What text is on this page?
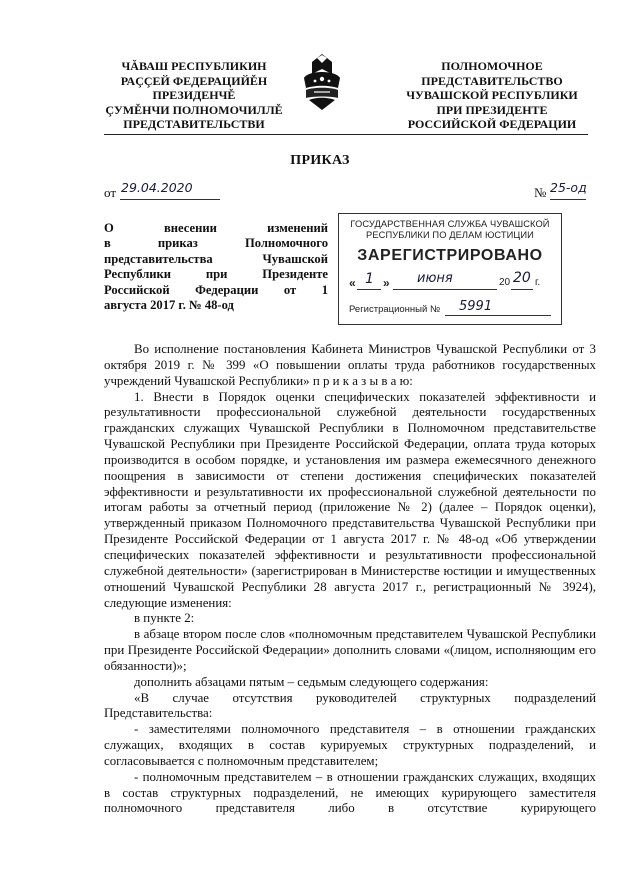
ЧĂВАШ РЕСПУБЛИКИН
РАÇÇЕЙ ФЕДЕРАЦИЙĚН
ПРЕЗИДЕНЧĚ
ÇУМĚНЧИ ПОЛНОМОЧИЛЛĚ
ПРЕДСТАВИТЕЛЬСТВИ
ПОЛНОМОЧНОЕ
ПРЕДСТАВИТЕЛЬСТВО
ЧУВАШСКОЙ РЕСПУБЛИКИ
ПРИ ПРЕЗИДЕНТЕ
РОССИЙСКОЙ ФЕДЕРАЦИИ
ПРИКАЗ
от 29.04.2020	№ 25-од
О внесении изменений
в приказ Полномочного
представительства Чувашской
Республики при Президенте
Российской Федерации от 1
августа 2017 г. № 48-од
ГОСУДАРСТВЕННАЯ СЛУЖБА ЧУВАШСКОЙ
РЕСПУБЛИКИ ПО ДЕЛАМ ЮСТИЦИИ
ЗАРЕГИСТРИРОВАНО
« 1 » июня	20 20 г.
Регистрационный № 5991

Во исполнение постановления Кабинета Министров Чувашской Республики от 3 октября 2019 г. № 399 «О повышении оплаты труда работников государственных учреждений Чувашской Республики» п р и к а з ы в а ю:

1. Внести в Порядок оценки специфических показателей эффективности и результативности профессиональной служебной деятельности государственных гражданских служащих Чувашской Республики в Полномочном представительстве Чувашской Республики при Президенте Российской Федерации, оплата труда которых производится в особом порядке, и установления им размера ежемесячного денежного поощрения в зависимости от степени достижения специфических показателей эффективности и результативности их профессиональной служебной деятельности по итогам работы за отчетный период (приложение № 2) (далее – Порядок оценки), утвержденный приказом Полномочного представительства Чувашской Республики при Президенте Российской Федерации от 1 августа 2017 г. № 48-од «Об утверждении специфических показателей эффективности и результативности профессиональной служебной деятельности» (зарегистрирован в Министерстве юстиции и имущественных отношений Чувашской Республики 28 августа 2017 г., регистрационный № 3924), следующие изменения:

в пункте 2:

в абзаце втором после слов «полномочным представителем Чувашской Республики при Президенте Российской Федерации» дополнить словами «(лицом, исполняющим его обязанности)»;

дополнить абзацами пятым – седьмым следующего содержания:

«В случае отсутствия руководителей структурных подразделений Представительства:

- заместителями полномочного представителя – в отношении гражданских служащих, входящих в состав курируемых структурных подразделений, и согласовывается с полномочным представителем;

- полномочным представителем – в отношении гражданских служащих, входящих в состав структурных подразделений, не имеющих курирующего заместителя полномочного представителя либо в отсутствие курирующего
